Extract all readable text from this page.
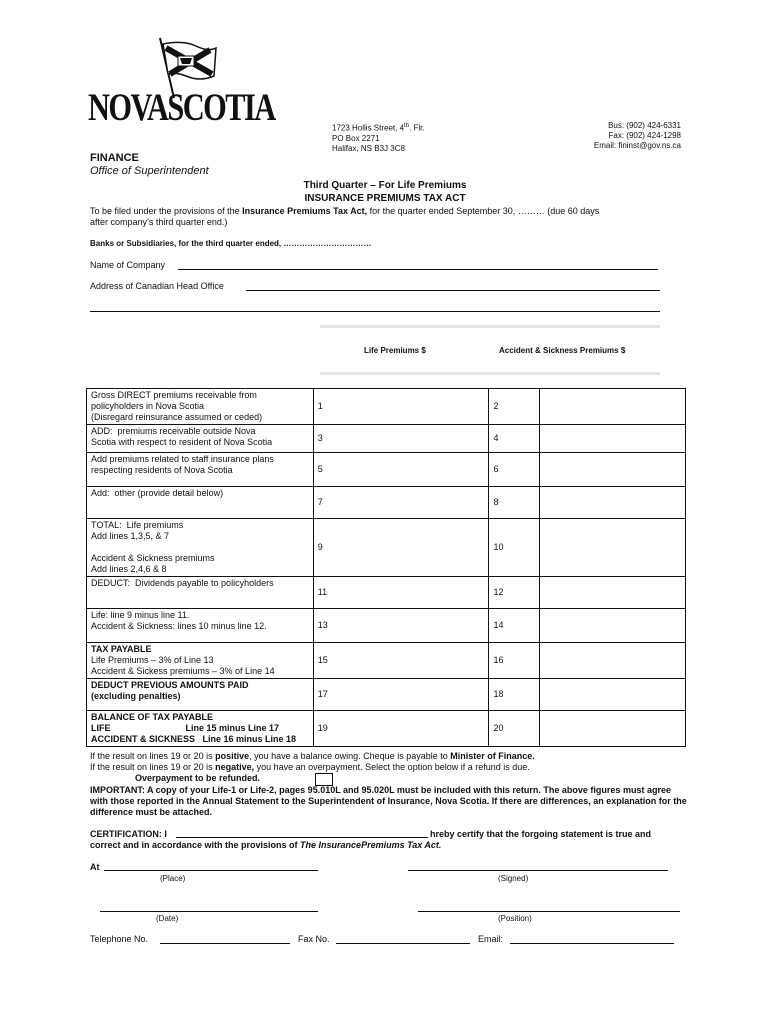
NOVASCOTIA	1723 Hollis Street, 4th. Flr.
PO Box 2271
Halifax, NS B3J 3C8
Bus: (902) 424-6331
Fax: (902) 424-1298
Email: fininst@gov.ns.ca
FINANCE
Office of Superintendent
Third Quarter – For Life Premiums
INSURANCE PREMIUMS TAX ACT
To be filed under the provisions of the Insurance Premiums Tax Act, for the quarter ended September 30, ……… (due 60 days
after company’s third quarter end.)
Banks or Subsidiaries, for the third quarter ended, ……………………………
Name of Company
Address of Canadian Head Office
Life Premiums $	Accident & Sickness Premiums $
Gross DIRECT premiums receivable from
policyholders in Nova Scotia
(Disregard reinsurance assumed or ceded)	1	2	

ADD:  premiums receivable outside Nova
Scotia with respect to resident of Nova Scotia	3	4	

Add premiums related to staff insurance plans
respecting residents of Nova Scotia	5	6	

Add:  other (provide detail below)	7	8	

TOTAL:  Life premiums
Add lines 1,3,5, & 7
Accident & Sickness premiums
Add lines 2,4,6 & 8	9	10	

DEDUCT:  Dividends payable to policyholders	11	12	

Life: line 9 minus line 11.
Accident & Sickness: lines 10 minus line 12.	13	14	

TAX PAYABLE
Life Premiums – 3% of Line 13
Accident & Sickess premiums – 3% of Line 14	15	16	

DEDUCT PREVIOUS AMOUNTS PAID
(excluding penalties)	17	18	

BALANCE OF TAX PAYABLE
LIFE                              Line 15 minus Line 17
ACCIDENT & SICKNESS   Line 16 minus Line 18	19	20	
If the result on lines 19 or 20 is positive, you have a balance owing. Cheque is payable to Minister of Finance.
If the result on lines 19 or 20 is negative, you have an overpayment. Select the option below if a refund is due.
Overpayment to be refunded.
IMPORTANT: A copy of your Life-1 or Life-2, pages 95.010L and 95.020L must be included with this return. The above figures must agree with those reported in the Annual Statement to the Superintendent of Insurance, Nova Scotia. If there are differences, an explanation for the difference must be attached.
CERTIFICATION: I	hreby certify that the forgoing statement is true and
correct and in accordance with the provisions of The InsurancePremiums Tax Act.
At
(Place)	(Signed)
(Date)	(Position)
Telephone No.	Fax No.	Email:
